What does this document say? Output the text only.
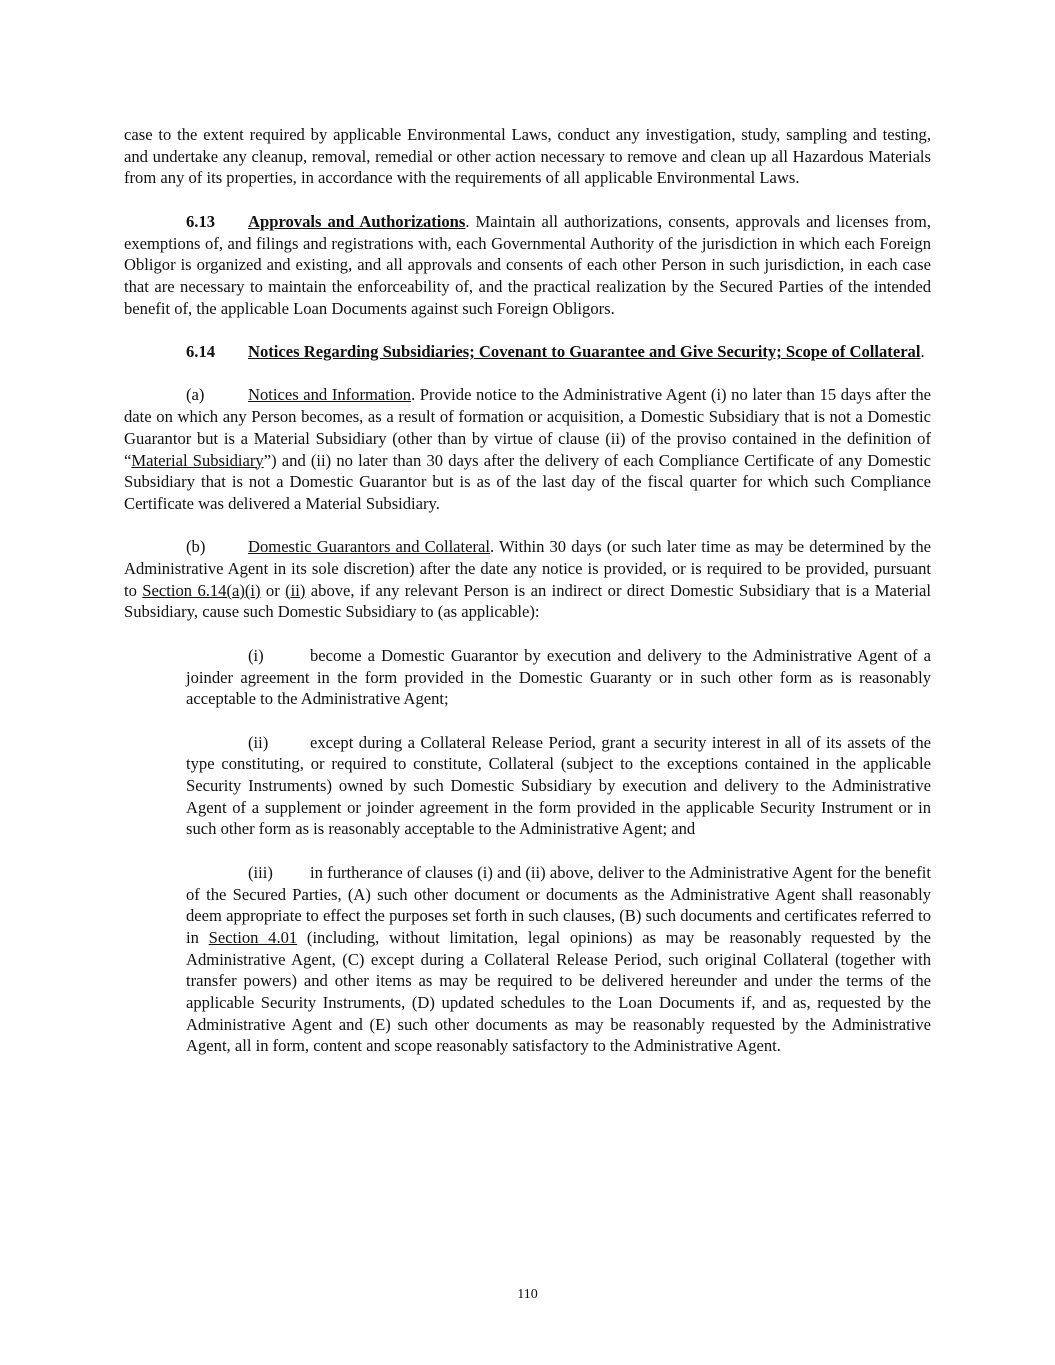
case to the extent required by applicable Environmental Laws, conduct any investigation, study, sampling and testing, and undertake any cleanup, removal, remedial or other action necessary to remove and clean up all Hazardous Materials from any of its properties, in accordance with the requirements of all applicable Environmental Laws.

6.13 Approvals and Authorizations. Maintain all authorizations, consents, approvals and licenses from, exemptions of, and filings and registrations with, each Governmental Authority of the jurisdiction in which each Foreign Obligor is organized and existing, and all approvals and consents of each other Person in such jurisdiction, in each case that are necessary to maintain the enforceability of, and the practical realization by the Secured Parties of the intended benefit of, the applicable Loan Documents against such Foreign Obligors.

6.14 Notices Regarding Subsidiaries; Covenant to Guarantee and Give Security; Scope of Collateral.

(a)	Notices and Information. Provide notice to the Administrative Agent (i) no later than 15 days after the date on which any Person becomes, as a result of formation or acquisition, a Domestic Subsidiary that is not a Domestic Guarantor but is a Material Subsidiary (other than by virtue of clause (ii) of the proviso contained in the definition of “Material Subsidiary”) and (ii) no later than 30 days after the delivery of each Compliance Certificate of any Domestic Subsidiary that is not a Domestic Guarantor but is as of the last day of the fiscal quarter for which such Compliance Certificate was delivered a Material Subsidiary.

(b)	Domestic Guarantors and Collateral. Within 30 days (or such later time as may be determined by the Administrative Agent in its sole discretion) after the date any notice is provided, or is required to be provided, pursuant to Section 6.14(a)(i) or (ii) above, if any relevant Person is an indirect or direct Domestic Subsidiary that is a Material Subsidiary, cause such Domestic Subsidiary to (as applicable):

(i)	become a Domestic Guarantor by execution and delivery to the Administrative Agent of a joinder agreement in the form provided in the Domestic Guaranty or in such other form as is reasonably acceptable to the Administrative Agent;

(ii)	except during a Collateral Release Period, grant a security interest in all of its assets of the type constituting, or required to constitute, Collateral (subject to the exceptions contained in the applicable Security Instruments) owned by such Domestic Subsidiary by execution and delivery to the Administrative Agent of a supplement or joinder agreement in the form provided in the applicable Security Instrument or in such other form as is reasonably acceptable to the Administrative Agent; and

(iii) in furtherance of clauses (i) and (ii) above, deliver to the Administrative Agent for the benefit of the Secured Parties, (A) such other document or documents as the Administrative Agent shall reasonably deem appropriate to effect the purposes set forth in such clauses, (B) such documents and certificates referred to in Section 4.01 (including, without limitation, legal opinions) as may be reasonably requested by the Administrative Agent, (C) except during a Collateral Release Period, such original Collateral (together with transfer powers) and other items as may be required to be delivered hereunder and under the terms of the applicable Security Instruments, (D) updated schedules to the Loan Documents if, and as, requested by the Administrative Agent and (E) such other documents as may be reasonably requested by the Administrative Agent, all in form, content and scope reasonably satisfactory to the Administrative Agent.

110
